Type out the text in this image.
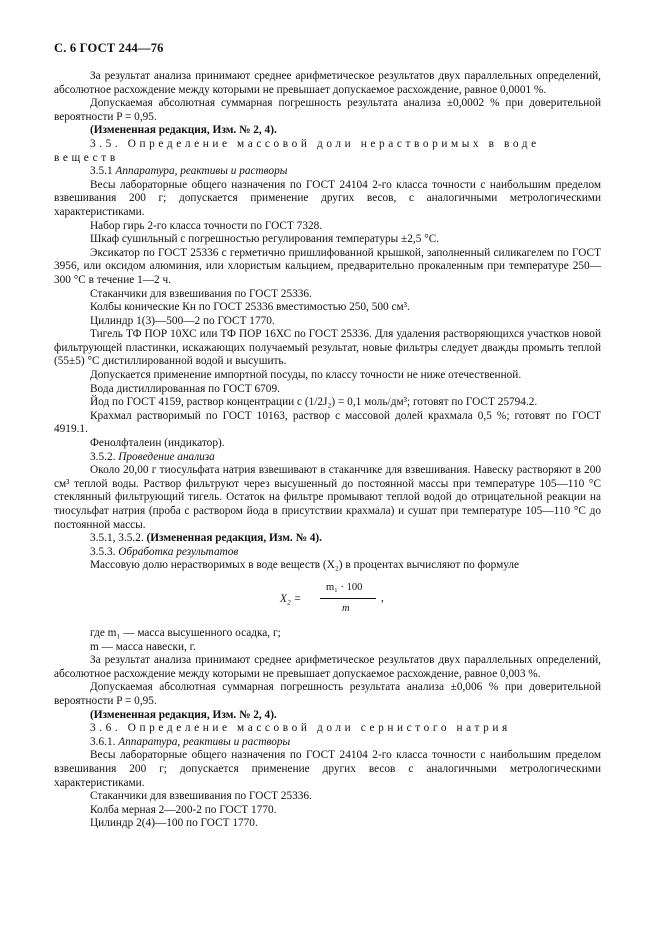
С. 6 ГОСТ 244—76

За результат анализа принимают среднее арифметическое результатов двух параллельных определений, абсолютное расхождение между которыми не превышает допускаемое расхождение, равное 0,0001 %.

Допускаемая абсолютная суммарная погрешность результата анализа ±0,0002 % при доверительной вероятности P = 0,95.

(Измененная редакция, Изм. № 2, 4).

3.5. Определение массовой доли нерастворимых в воде веществ

3.5.1 Аппаратура, реактивы и растворы

Весы лабораторные общего назначения по ГОСТ 24104 2-го класса точности с наибольшим пределом взвешивания 200 г; допускается применение других весов, с аналогичными метрологическими характеристиками.

Набор гирь 2-го класса точности по ГОСТ 7328.

Шкаф сушильный с погрешностью регулирования температуры ±2,5 °С.

Эксикатор по ГОСТ 25336 с герметично пришлифованной крышкой, заполненный силикагелем по ГОСТ 3956, или оксидом алюминия, или хлористым кальцием, предварительно прокаленным при температуре 250—300 °С в течение 1—2 ч.

Стаканчики для взвешивания по ГОСТ 25336.

Колбы конические Кн по ГОСТ 25336 вместимостью 250, 500 см³.

Цилиндр 1(3)—500—2 по ГОСТ 1770.

Тигель ТФ ПОР 10ХС или ТФ ПОР 16ХС по ГОСТ 25336. Для удаления растворяющихся участков новой фильтрующей пластинки, искажающих получаемый результат, новые фильтры следует дважды промыть теплой (55±5) °С дистиллированной водой и высушить.

Допускается применение импортной посуды, по классу точности не ниже отечественной.

Вода дистиллированная по ГОСТ 6709.

Йод по ГОСТ 4159, раствор концентрации с (1/2J₂) = 0,1 моль/дм³; готовят по ГОСТ 25794.2.

Крахмал растворимый по ГОСТ 10163, раствор с массовой долей крахмала 0,5 %; готовят по ГОСТ 4919.1.

Фенолфталеин (индикатор).

3.5.2. Проведение анализа

Около 20,00 г тиосульфата натрия взвешивают в стаканчике для взвешивания. Навеску растворяют в 200 см³ теплой воды. Раствор фильтруют через высушенный до постоянной массы при температуре 105—110 °С стеклянный фильтрующий тигель. Остаток на фильтре промывают теплой водой до отрицательной реакции на тиосульфат натрия (проба с раствором йода в присутствии крахмала) и сушат при температуре 105—110 °С до постоянной массы.

3.5.1, 3.5.2. (Измененная редакция, Изм. № 4).

3.5.3. Обработка результатов

Массовую долю нерастворимых в воде веществ (X₂) в процентах вычисляют по формуле

X₂ =
m₁ · 100
m
,

где m₁ — масса высушенного осадка, г;

m — масса навески, г.

За результат анализа принимают среднее арифметическое результатов двух параллельных определений, абсолютное расхождение между которыми не превышает допускаемое расхождение, равное 0,003 %.

Допускаемая абсолютная суммарная погрешность результата анализа ±0,006 % при доверительной вероятности P = 0,95.

(Измененная редакция, Изм. № 2, 4).

3.6. Определение массовой доли сернистого натрия

3.6.1. Аппаратура, реактивы и растворы

Весы лабораторные общего назначения по ГОСТ 24104 2-го класса точности с наибольшим пределом взвешивания 200 г; допускается применение других весов с аналогичными метрологическими характеристиками.

Стаканчики для взвешивания по ГОСТ 25336.

Колба мерная 2—200-2 по ГОСТ 1770.

Цилиндр 2(4)—100 по ГОСТ 1770.
